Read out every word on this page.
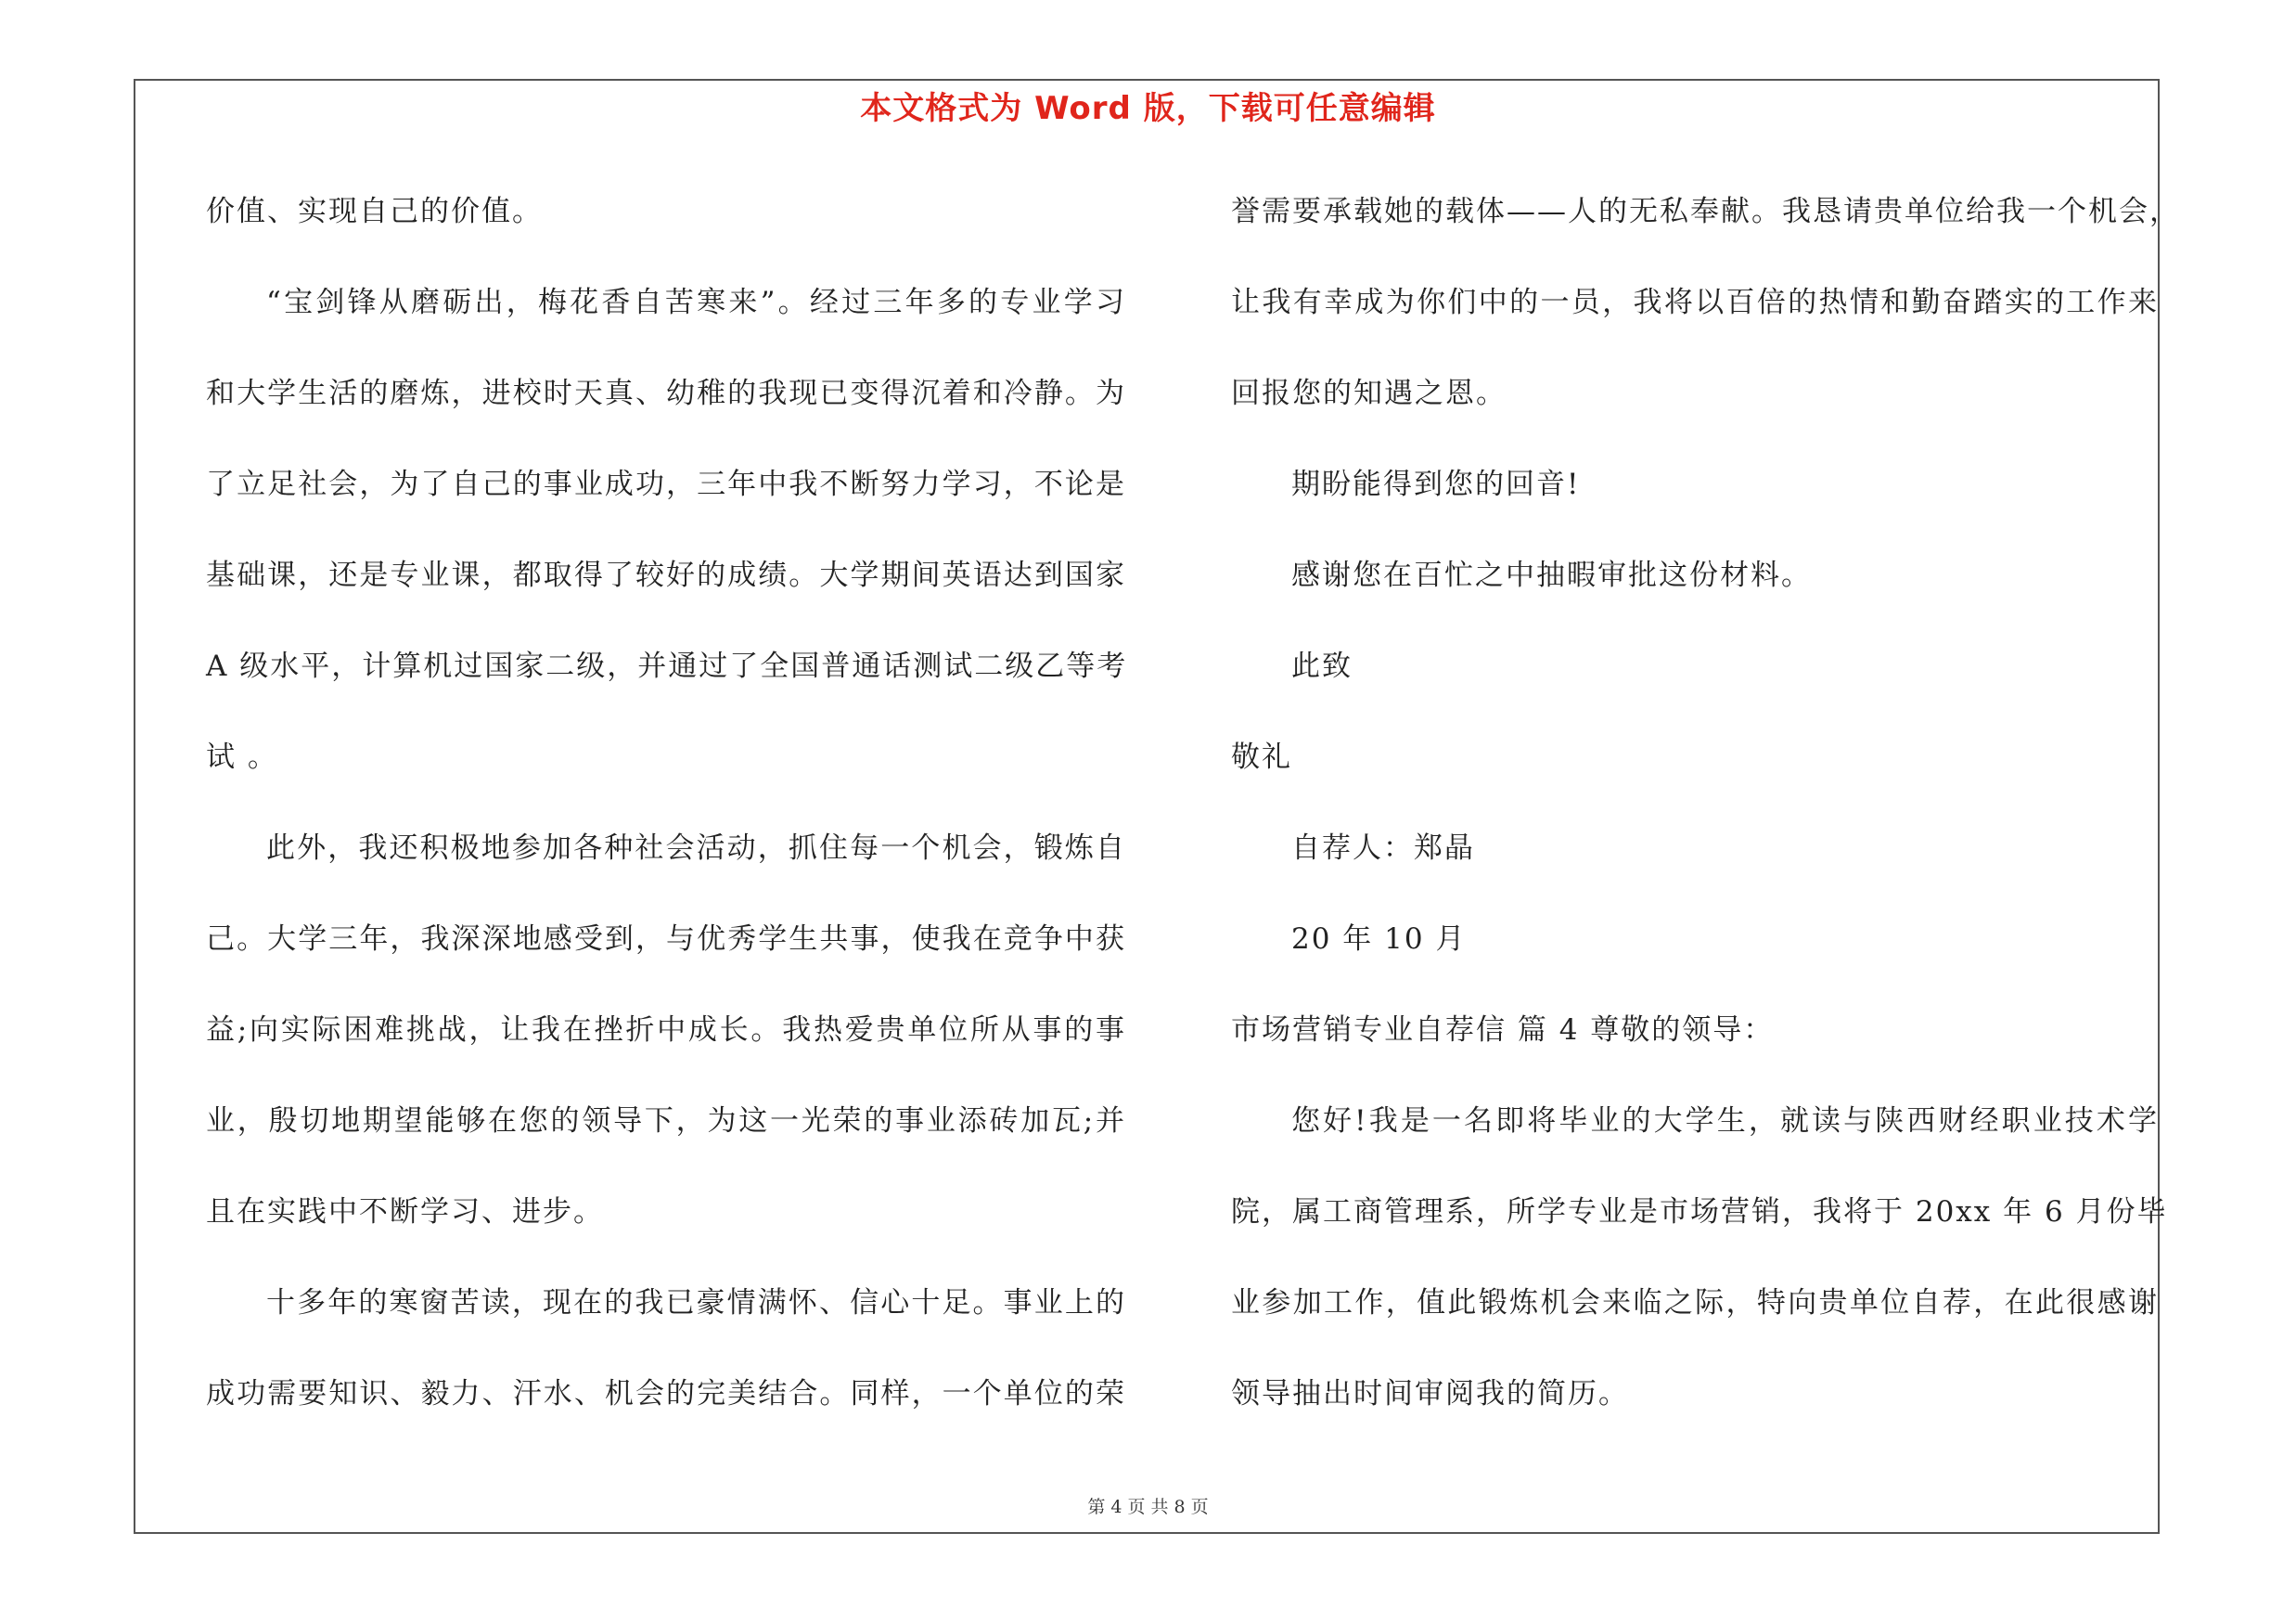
本文格式为 Word 版，下载可任意编辑
价值、实现自己的价值。
“宝剑锋从磨砺出，梅花香自苦寒来”。经过三年多的专业学习
和大学生活的磨炼，进校时天真、幼稚的我现已变得沉着和冷静。为
了立足社会，为了自己的事业成功，三年中我不断努力学习，不论是
基础课，还是专业课，都取得了较好的成绩。大学期间英语达到国家
A 级水平，计算机过国家二级，并通过了全国普通话测试二级乙等考
试 。
此外，我还积极地参加各种社会活动，抓住每一个机会，锻炼自
己。大学三年，我深深地感受到，与优秀学生共事，使我在竞争中获
益;向实际困难挑战，让我在挫折中成长。我热爱贵单位所从事的事
业，殷切地期望能够在您的领导下，为这一光荣的事业添砖加瓦;并
且在实践中不断学习、进步。
十多年的寒窗苦读，现在的我已豪情满怀、信心十足。事业上的
成功需要知识、毅力、汗水、机会的完美结合。同样，一个单位的荣
誉需要承载她的载体——人的无私奉献。我恳请贵单位给我一个机会，
让我有幸成为你们中的一员，我将以百倍的热情和勤奋踏实的工作来
回报您的知遇之恩。
期盼能得到您的回音!
感谢您在百忙之中抽暇审批这份材料。
此致
敬礼
自荐人：郑晶
20 年 10 月
市场营销专业自荐信 篇 4 尊敬的领导：
您好!我是一名即将毕业的大学生，就读与陕西财经职业技术学
院，属工商管理系，所学专业是市场营销，我将于 20xx 年 6 月份毕
业参加工作，值此锻炼机会来临之际，特向贵单位自荐，在此很感谢
领导抽出时间审阅我的简历。
第 4 页 共 8 页
